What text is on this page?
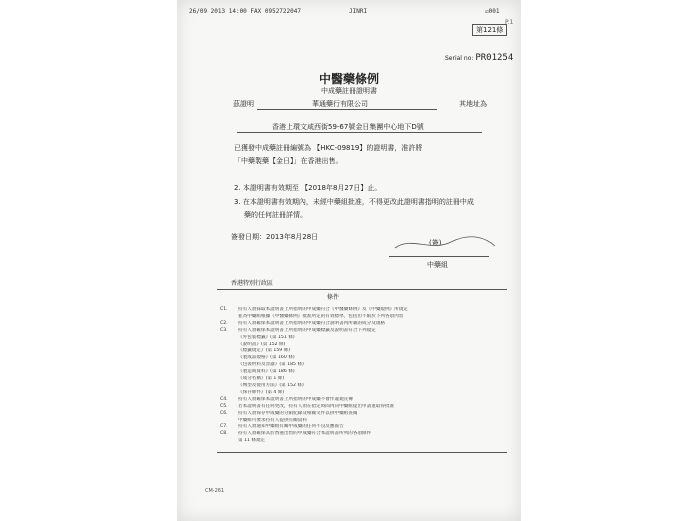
26/09 2013 14:00 FAX 0952722047	JINRI	☑001
P.1
第121條
Serial no: PR01254
中醫藥條例
中成藥註冊證明書
茲證明	華通藥行有限公司	其地址為
香港上環文咸西街59-67號金日集團中心地下D號
已獲發中成藥註冊編號為 【HKC-09819】的證明書，准許將
「中藥製藥【金日】」在香港出售。
2. 本證明書有效期至 【2018年8月27日】止。
3. 在本證明書有效期內，未經中藥組批准，不得更改此證明書指明的註冊中成
藥的任何註冊詳情。
簽發日期：2013年8月28日
(簽)
中藥組
香港特別行政區
條件
C1.	持有人須採取本證明書上所指明的中成藥符合《中醫藥條例》及《中藥規例》所規定
並為中藥組根據《中醫藥條例》批准所定的有效標準，包括但不限於下列各項內容
C2.	持有人須確保本證明書上所指明的中成藥符合說明書內所載的成分及規格
C3.	持有人須確保本證明書上所指明的中成藥標籤及說明書符合下列規定
《外包裝標籤》(第 151 條)
《說明書》(第 152 條)
《標籤規定》(第 159 條)
《製成品規格》(第 160 條)
《包裝材料及容器》(第 185 條)
《製造商資料》(第 186 條)
《成分名稱》(第 1 條)
《劑型及使用方法》(第 152 條)
《保存條件》(第 4 條)
C4.	持有人須確保本證明書上所指明的中成藥不會作違規宣傳
C5.	若本證明書有任何更改，持有人須在指定時間內向中藥組提出申請並取得批准
C6.	持有人須保存中成藥的分銷紀錄及相關文件以供中藥組查閱
中藥組可要求持有人提供有關資料
C7.	持有人須通知中藥組有關中成藥的任何不良反應報告
C8.	持有人須確保其於香港出售的中成藥符合本證明書所列的各項條件
第 11 條規定
CM-261
